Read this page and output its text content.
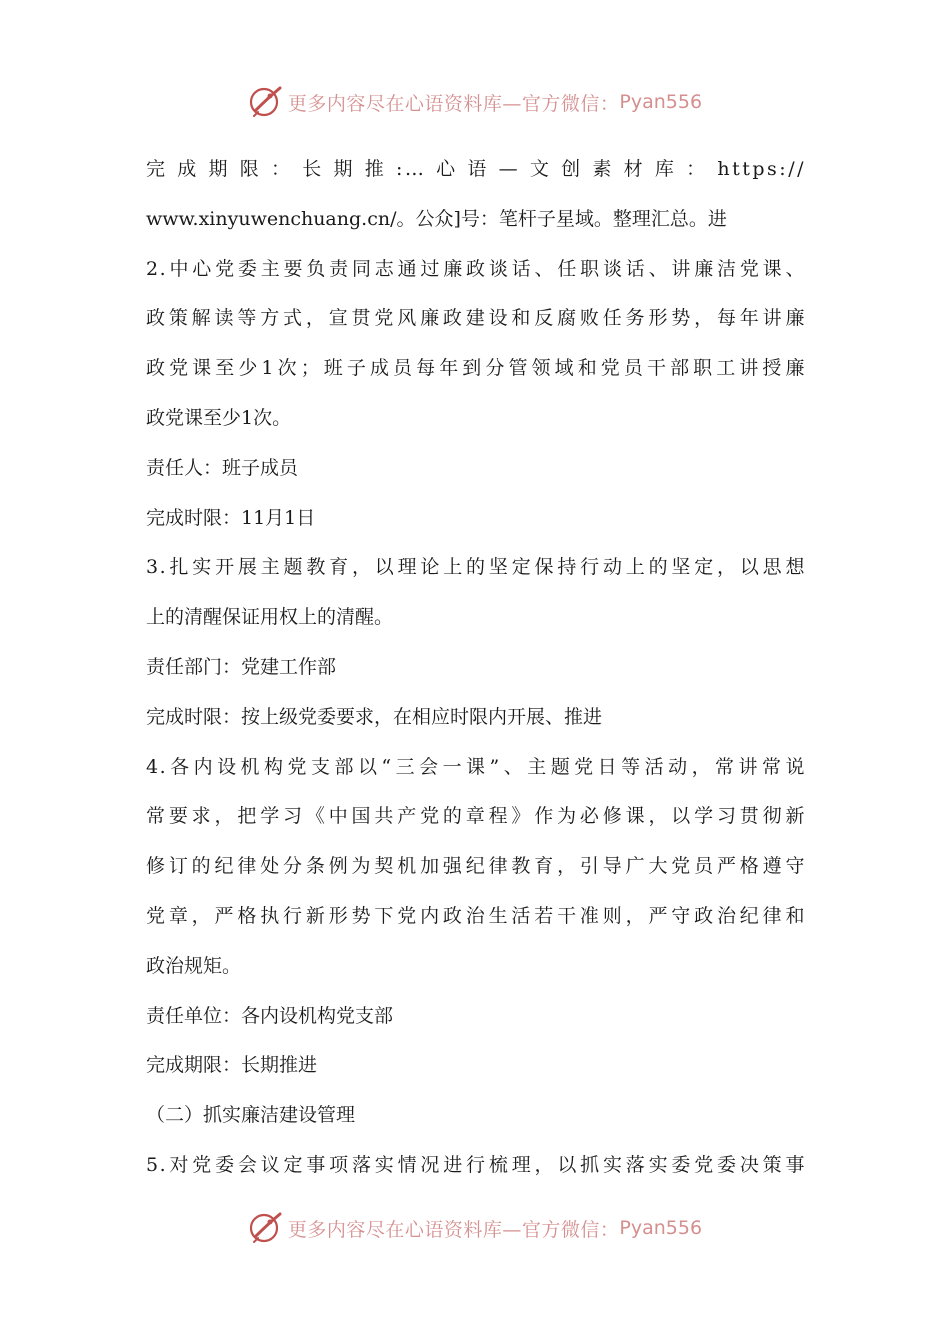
更多内容尽在心语资料库—官方微信： Pyan556
完成期限：长期推:…心语—文创素材库：https://
www.xinyuwenchuang.cn/。公众]号：笔杆子星域。整理汇总。进
2.中心党委主要负责同志通过廉政谈话、任职谈话、讲廉洁党课、
政策解读等方式，宣贯党风廉政建设和反腐败任务形势，每年讲廉
政党课至少1次；班子成员每年到分管领域和党员干部职工讲授廉
政党课至少1次。
责任人：班子成员
完成时限：11月1日
3.扎实开展主题教育，以理论上的坚定保持行动上的坚定，以思想
上的清醒保证用权上的清醒。
责任部门：党建工作部
完成时限：按上级党委要求，在相应时限内开展、推进
4.各内设机构党支部以“三会一课”、主题党日等活动，常讲常说
常要求，把学习《中国共产党的章程》作为必修课，以学习贯彻新
修订的纪律处分条例为契机加强纪律教育，引导广大党员严格遵守
党章，严格执行新形势下党内政治生活若干准则，严守政治纪律和
政治规矩。
责任单位：各内设机构党支部
完成期限：长期推进
（二）抓实廉洁建设管理
5.对党委会议定事项落实情况进行梳理，以抓实落实委党委决策事
更多内容尽在心语资料库—官方微信： Pyan556
